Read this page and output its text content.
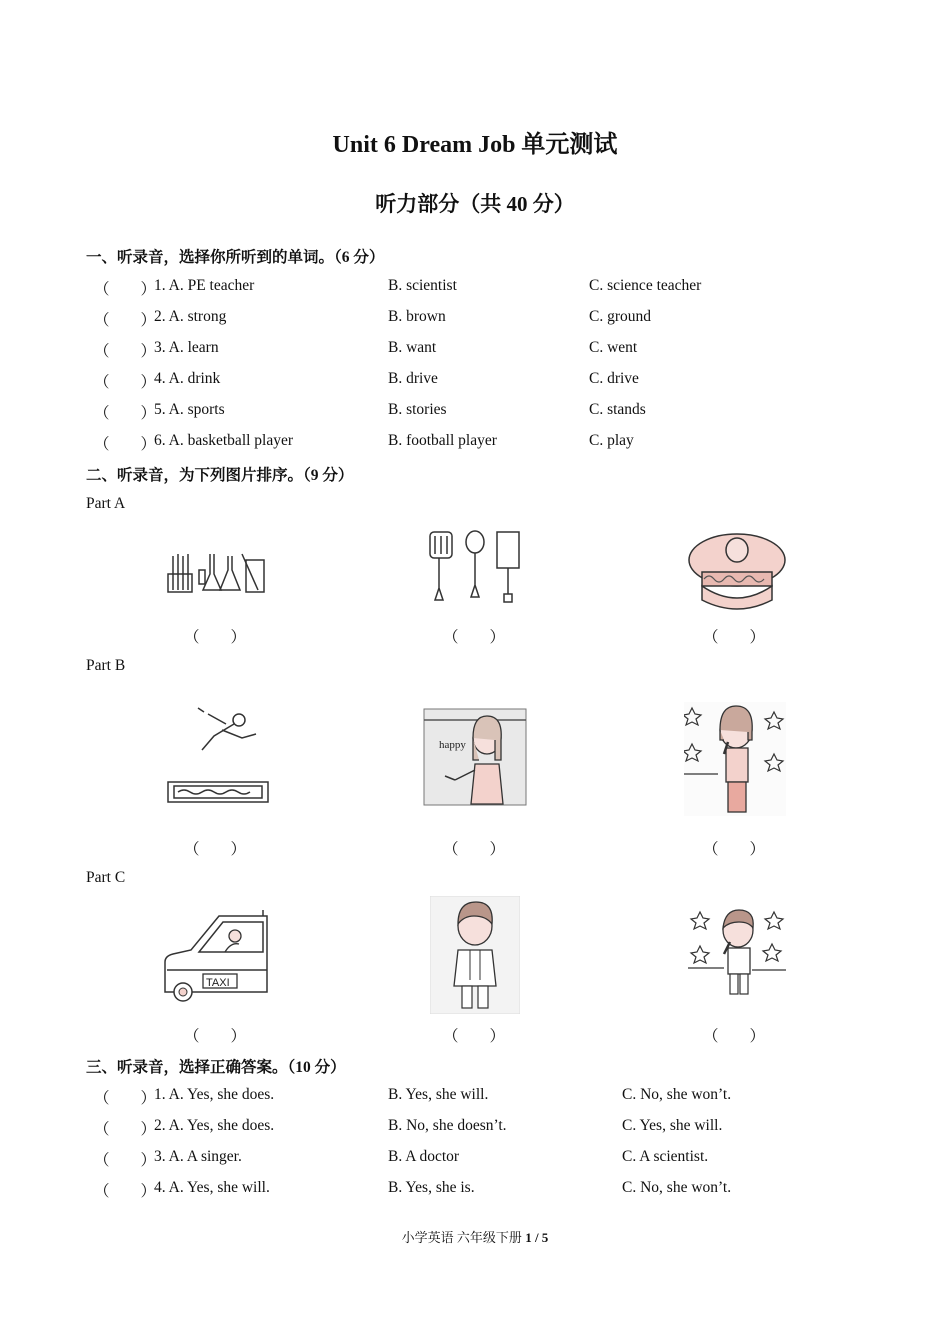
Unit 6 Dream Job 单元测试
听力部分（共 40 分）
一、听录音，选择你所听到的单词。（6 分）
（　　）
1. A. PE teacher	B. scientist	C. science teacher
（　　）
2. A. strong	B. brown	C. ground
（　　）
3. A. learn	B. want	C. went
（　　）
4. A. drink	B. drive	C. drive
（　　）
5. A. sports	B. stories	C. stands
（　　）
6. A. basketball player	B. football player	C. play
二、听录音，为下列图片排序。（9 分）
Part A
（　　）	（　　）	（　　）
Part B
happy
（　　）	（　　）	（　　）
Part C
TAXI
（　　）	（　　）	（　　）
三、听录音，选择正确答案。（10 分）
（　　）
1. A. Yes, she does.	B. Yes, she will.	C. No, she won’t.
（　　）
2. A. Yes, she does.	B. No, she doesn’t.	C. Yes, she will.
（　　）
3. A. A singer.	B. A doctor	C. A scientist.
（　　）
4. A. Yes, she will.	B. Yes, she is.	C. No, she won’t.
小学英语 六年级下册 1 / 5
